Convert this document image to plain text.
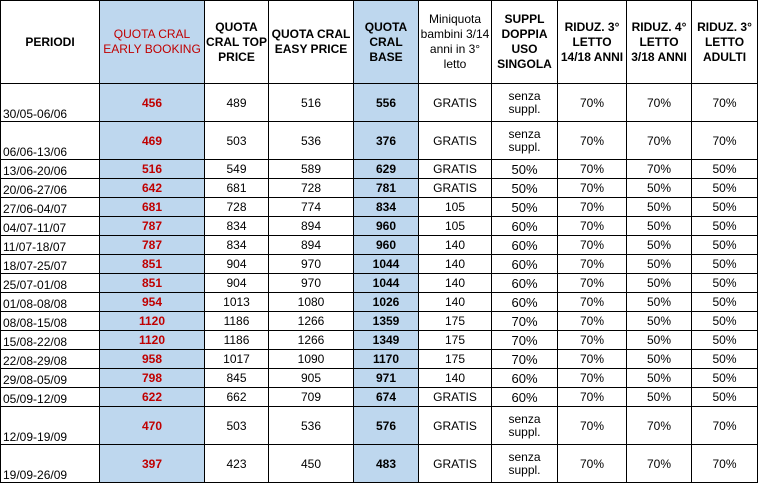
PERIODI	QUOTA CRAL EARLY BOOKING	QUOTA CRAL TOP PRICE	QUOTA CRAL EASY PRICE	QUOTA CRAL BASE	Miniquota bambini 3/14 anni in 3° letto	SUPPL DOPPIA USO SINGOLA	RIDUZ. 3° LETTO 14/18 ANNI	RIDUZ. 4° LETTO 3/18 ANNI	RIDUZ. 3° LETTO ADULTI
30/05-06/06	456	489	516	556	GRATIS	senza suppl.	70%	70%	70%
06/06-13/06	469	503	536	376	GRATIS	senza suppl.	70%	70%	70%
13/06-20/06	516	549	589	629	GRATIS	50%	70%	70%	50%
20/06-27/06	642	681	728	781	GRATIS	50%	70%	50%	50%
27/06-04/07	681	728	774	834	105	50%	70%	50%	50%
04/07-11/07	787	834	894	960	105	60%	70%	50%	50%
11/07-18/07	787	834	894	960	140	60%	70%	50%	50%
18/07-25/07	851	904	970	1044	140	60%	70%	50%	50%
25/07-01/08	851	904	970	1044	140	60%	70%	50%	50%
01/08-08/08	954	1013	1080	1026	140	60%	70%	50%	50%
08/08-15/08	1120	1186	1266	1359	175	70%	70%	50%	50%
15/08-22/08	1120	1186	1266	1349	175	70%	70%	50%	50%
22/08-29/08	958	1017	1090	1170	175	70%	70%	50%	50%
29/08-05/09	798	845	905	971	140	60%	70%	50%	50%
05/09-12/09	622	662	709	674	GRATIS	60%	70%	50%	50%
12/09-19/09	470	503	536	576	GRATIS	senza suppl.	70%	70%	70%
19/09-26/09	397	423	450	483	GRATIS	senza suppl.	70%	70%	70%
